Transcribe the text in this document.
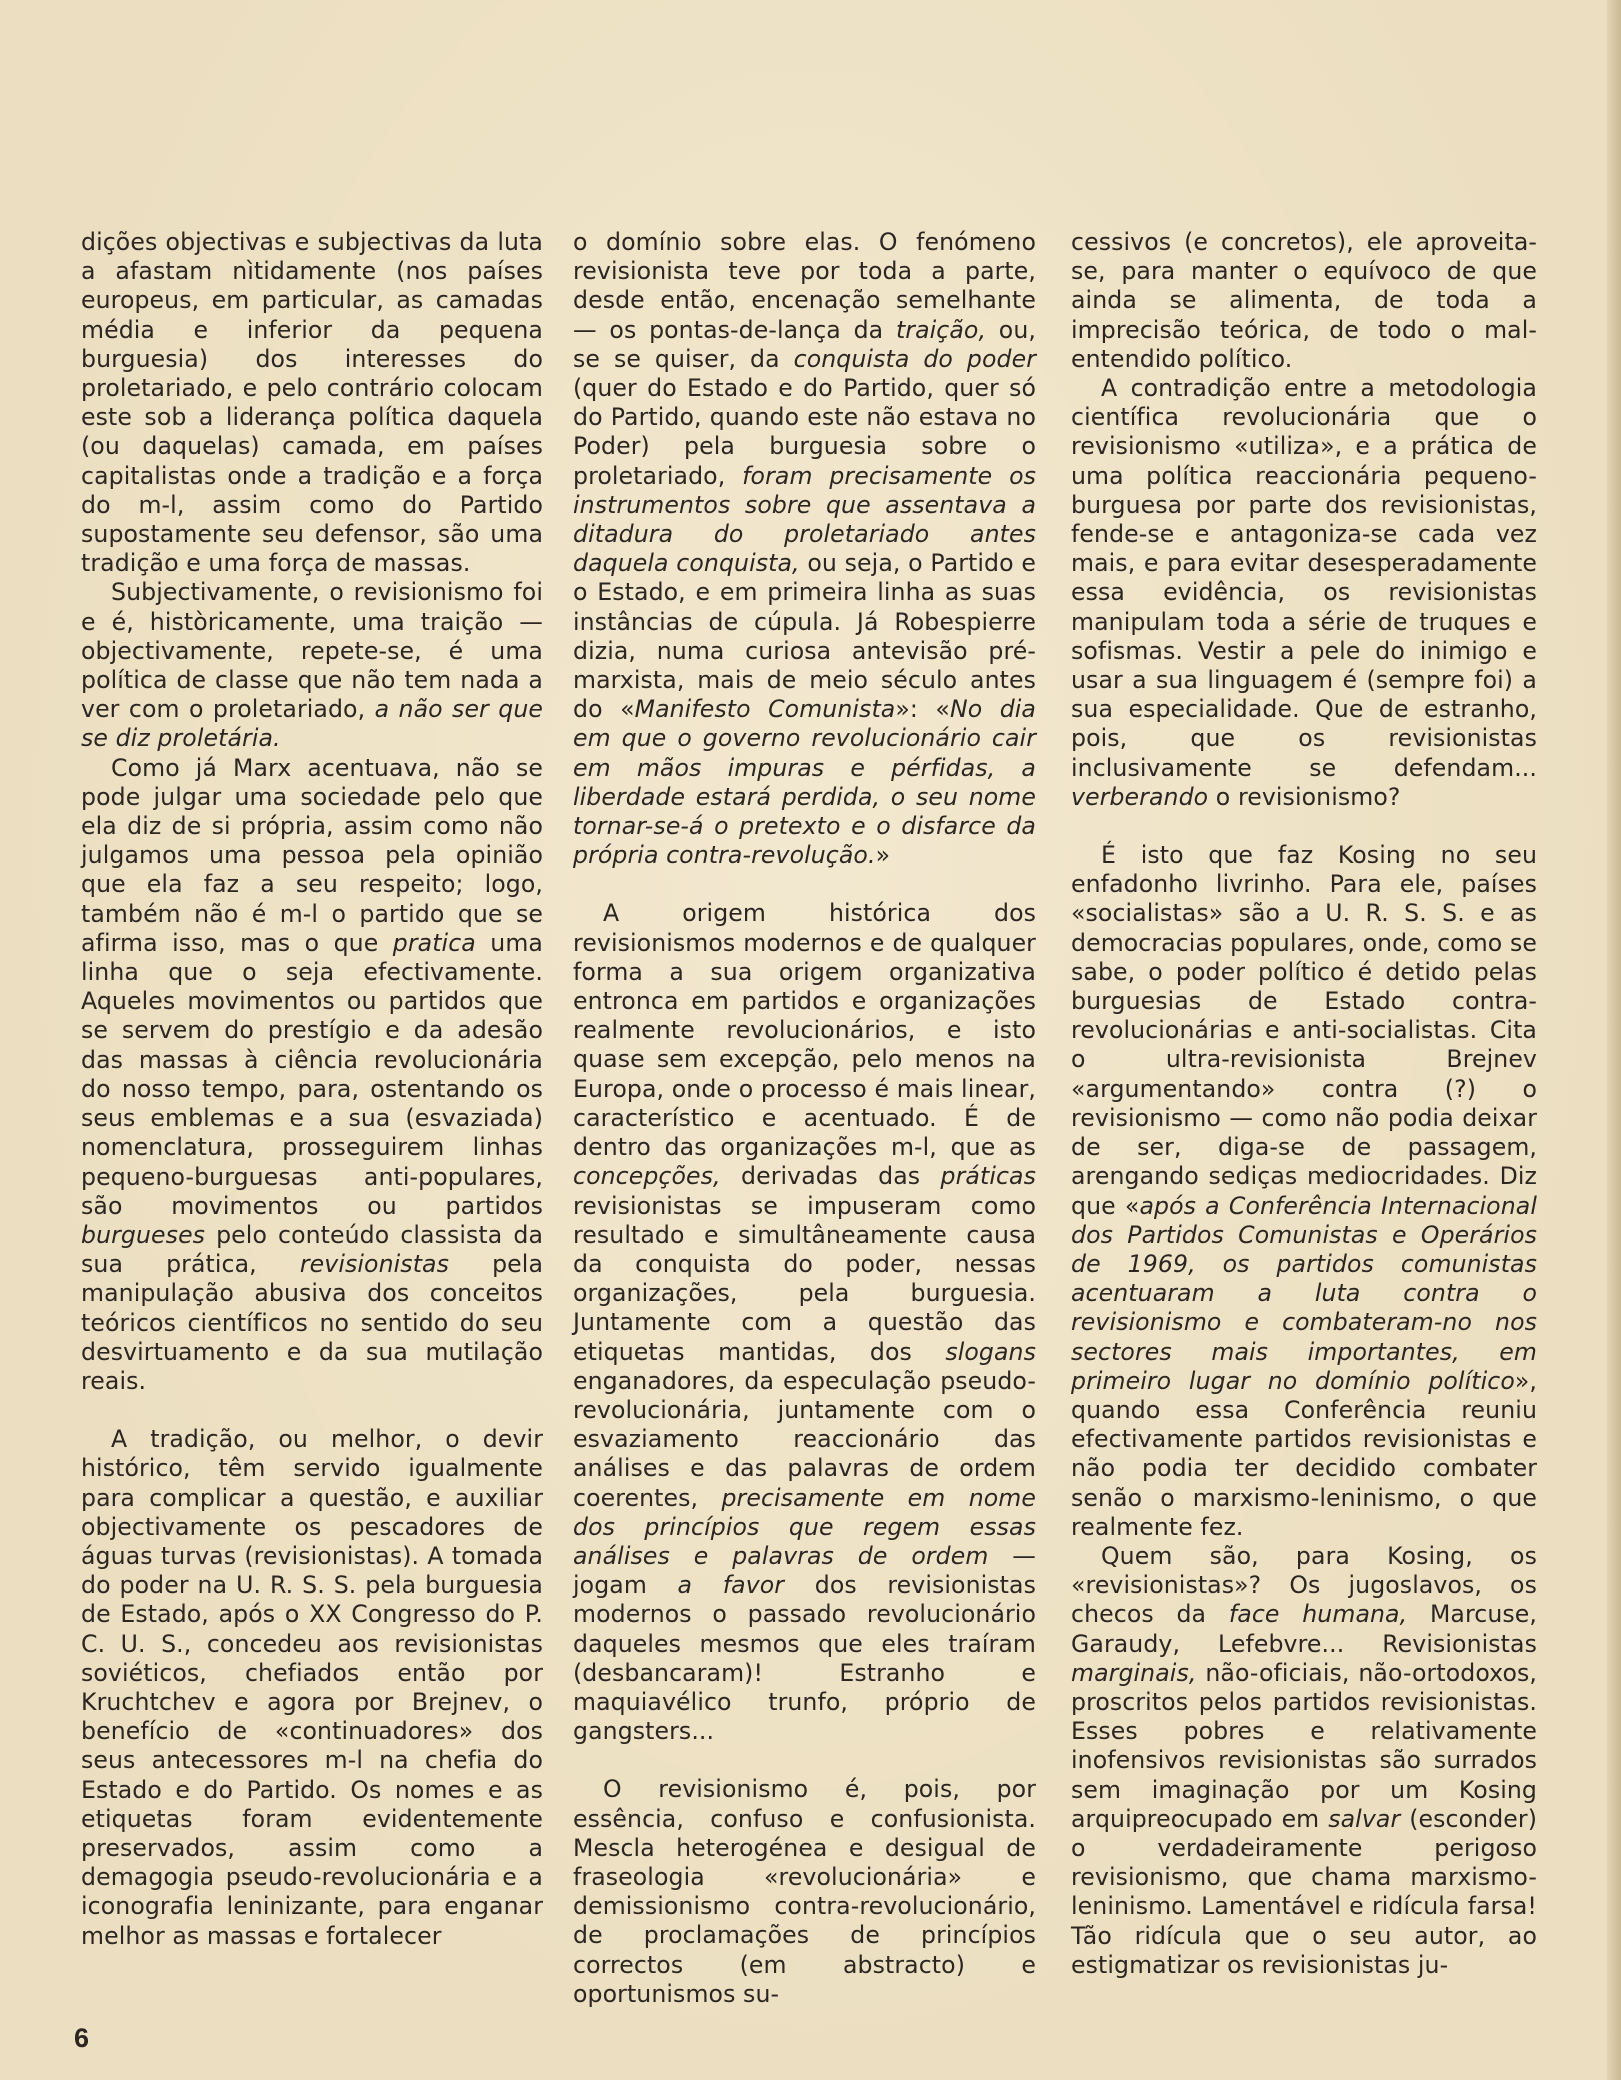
dições objectivas e subjectivas da luta a afastam nìtidamente (nos países europeus, em particular, as camadas média e inferior da pequena burguesia) dos interesses do proletariado, e pelo contrário colocam este sob a liderança política daquela (ou daquelas) camada, em países capitalistas onde a tradição e a força do m-l, assim como do Partido supostamente seu defensor, são uma tradição e uma força de massas.

Subjectivamente, o revisionismo foi e é, històricamente, uma traição — objectivamente, repete-se, é uma política de classe que não tem nada a ver com o proletariado, a não ser que se diz proletária.

Como já Marx acentuava, não se pode julgar uma sociedade pelo que ela diz de si própria, assim como não julgamos uma pessoa pela opinião que ela faz a seu respeito; logo, também não é m-l o partido que se afirma isso, mas o que pratica uma linha que o seja efectivamente. Aqueles movimentos ou partidos que se servem do prestígio e da adesão das massas à ciência revolucionária do nosso tempo, para, ostentando os seus emblemas e a sua (esvaziada) nomenclatura, prosseguirem linhas pequeno-burguesas anti-populares, são movimentos ou partidos burgueses pelo conteúdo classista da sua prática, revisionistas pela manipulação abusiva dos conceitos teóricos científicos no sentido do seu desvirtuamento e da sua mutilação reais.

A tradição, ou melhor, o devir histórico, têm servido igualmente para complicar a questão, e auxiliar objectivamente os pescadores de águas turvas (revisionistas). A tomada do poder na U. R. S. S. pela burguesia de Estado, após o XX Congresso do P. C. U. S., concedeu aos revisionistas soviéticos, chefiados então por Kruchtchev e agora por Brejnev, o benefício de «continuadores» dos seus antecessores m-l na chefia do Estado e do Partido. Os nomes e as etiquetas foram evidentemente preservados, assim como a demagogia pseudo-revolucionária e a iconografia leninizante, para enganar melhor as massas e fortalecer

o domínio sobre elas. O fenómeno revisionista teve por toda a parte, desde então, encenação semelhante — os pontas-de-lança da traição, ou, se se quiser, da conquista do poder (quer do Estado e do Partido, quer só do Partido, quando este não estava no Poder) pela burguesia sobre o proletariado, foram precisamente os instrumentos sobre que assentava a ditadura do proletariado antes daquela conquista, ou seja, o Partido e o Estado, e em primeira linha as suas instâncias de cúpula. Já Robespierre dizia, numa curiosa antevisão pré-marxista, mais de meio século antes do «Manifesto Comunista»: «No dia em que o governo revolucionário cair em mãos impuras e pérfidas, a liberdade estará perdida, o seu nome tornar-se-á o pretexto e o disfarce da própria contra-revolução.»

A origem histórica dos revisionismos modernos e de qualquer forma a sua origem organizativa entronca em partidos e organizações realmente revolucionários, e isto quase sem excepção, pelo menos na Europa, onde o processo é mais linear, característico e acentuado. É de dentro das organizações m-l, que as concepções, derivadas das práticas revisionistas se impuseram como resultado e simultâneamente causa da conquista do poder, nessas organizações, pela burguesia. Juntamente com a questão das etiquetas mantidas, dos slogans enganadores, da especulação pseudo-revolucionária, juntamente com o esvaziamento reaccionário das análises e das palavras de ordem coerentes, precisamente em nome dos princípios que regem essas análises e palavras de ordem — jogam a favor dos revisionistas modernos o passado revolucionário daqueles mesmos que eles traíram (desbancaram)! Estranho e maquiavélico trunfo, próprio de gangsters...

O revisionismo é, pois, por essência, confuso e confusionista. Mescla heterogénea e desigual de fraseologia «revolucionária» e demissionismo contra-revolucionário, de proclamações de princípios correctos (em abstracto) e oportunismos su-

cessivos (e concretos), ele aproveita-se, para manter o equívoco de que ainda se alimenta, de toda a imprecisão teórica, de todo o mal-entendido político.

A contradição entre a metodologia científica revolucionária que o revisionismo «utiliza», e a prática de uma política reaccionária pequeno-burguesa por parte dos revisionistas, fende-se e antagoniza-se cada vez mais, e para evitar desesperadamente essa evidência, os revisionistas manipulam toda a série de truques e sofismas. Vestir a pele do inimigo e usar a sua linguagem é (sempre foi) a sua especialidade. Que de estranho, pois, que os revisionistas inclusivamente se defendam... verberando o revisionismo?

É isto que faz Kosing no seu enfadonho livrinho. Para ele, países «socialistas» são a U. R. S. S. e as democracias populares, onde, como se sabe, o poder político é detido pelas burguesias de Estado contra-revolucionárias e anti-socialistas. Cita o ultra-revisionista Brejnev «argumentando» contra (?) o revisionismo — como não podia deixar de ser, diga-se de passagem, arengando sediças mediocridades. Diz que «após a Conferência Internacional dos Partidos Comunistas e Operários de 1969, os partidos comunistas acentuaram a luta contra o revisionismo e combateram-no nos sectores mais importantes, em primeiro lugar no domínio político», quando essa Conferência reuniu efectivamente partidos revisionistas e não podia ter decidido combater senão o marxismo-leninismo, o que realmente fez.

Quem são, para Kosing, os «revisionistas»? Os jugoslavos, os checos da face humana, Marcuse, Garaudy, Lefebvre... Revisionistas marginais, não-oficiais, não-ortodoxos, proscritos pelos partidos revisionistas. Esses pobres e relativamente inofensivos revisionistas são surrados sem imaginação por um Kosing arquipreocupado em salvar (esconder) o verdadeiramente perigoso revisionismo, que chama marxismo-leninismo. Lamentável e ridícula farsa! Tão ridícula que o seu autor, ao estigmatizar os revisionistas ju-

6
